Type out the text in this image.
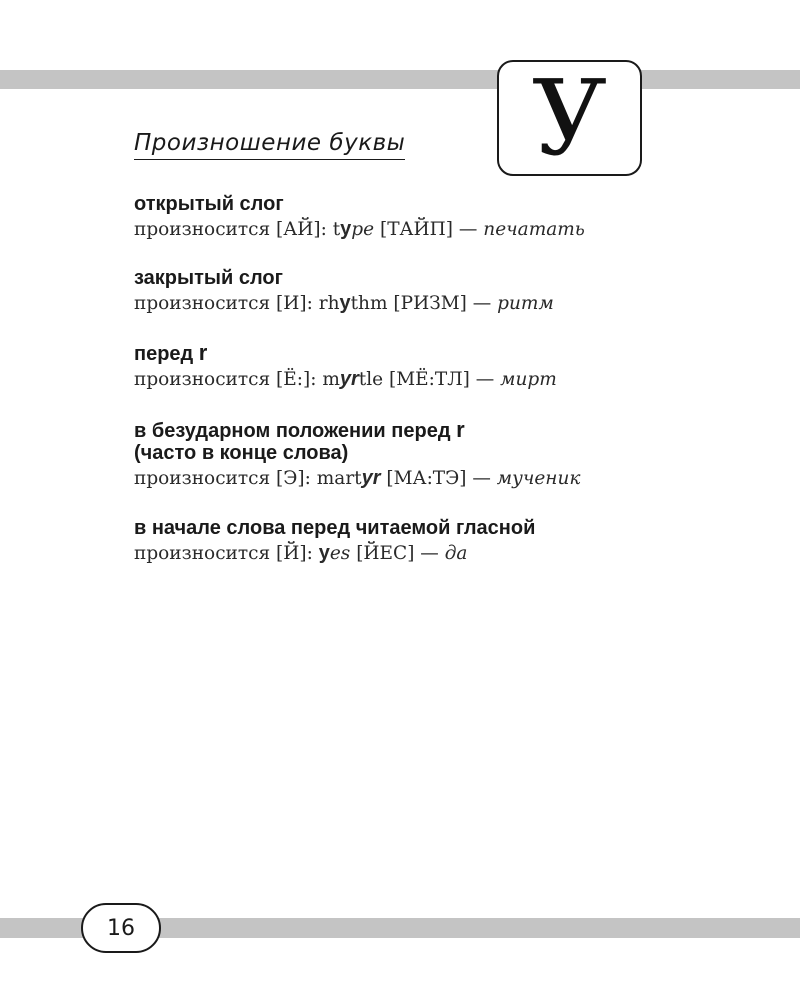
У
Произношение буквы
открытый слог
произносится [АЙ]: type [ТАЙП] — печатать
закрытый слог
произносится [И]: rhythm [РИЗМ] — ритм
перед r
произносится [Ё:]: myrtle [МЁ:ТЛ] — мирт
в безударном положении перед r
(часто в конце слова)
произносится [Э]: martyr [МА:ТЭ] — мученик
в начале слова перед читаемой гласной
произносится [Й]: yes [ЙЕС] — да
16
